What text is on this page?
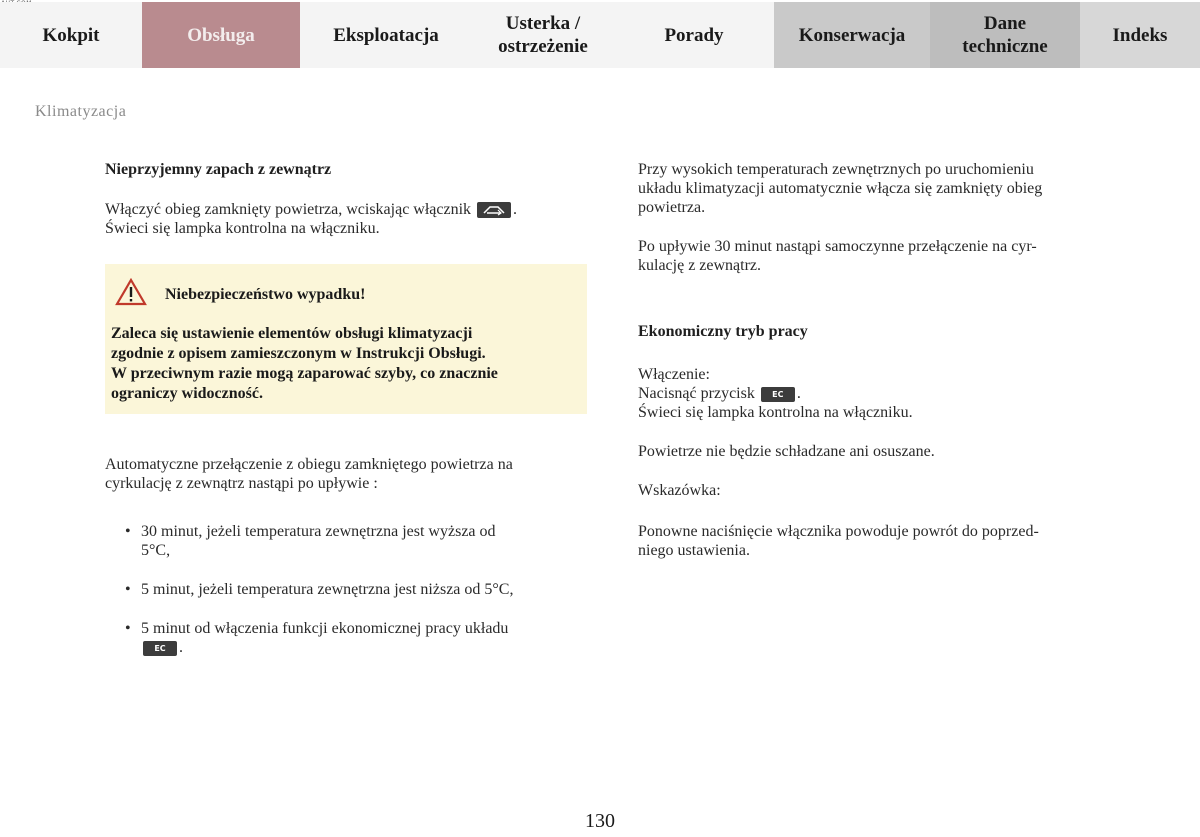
Kokpit	Obsługa	Eksploatacja
Usterka /
ostrzeżenie
Porady	Konserwacja
Dane
techniczne
Indeks
Klimatyzacja

Nieprzyjemny zapach z zewnątrz

Włączyć obieg zamknięty powietrza, wciskając włącznik	.
Świeci się lampka kontrolna na włączniku.

Niebezpieczeństwo wypadku!
Zaleca się ustawienie elementów obsługi klimatyzacji
zgodnie z opisem zamieszczonym w Instrukcji Obsługi.
W przeciwnym razie mogą zaparować szyby, co znacznie
ograniczy widoczność.

Automatyczne przełączenie z obiegu zamkniętego powietrza na
cyrkulację z zewnątrz nastąpi po upływie :

• 30 minut, jeżeli temperatura zewnętrzna jest wyższa od
5°C,
• 5 minut, jeżeli temperatura zewnętrzna jest niższa od 5°C,
• 5 minut od włączenia funkcji ekonomicznej pracy układu
EC .

Przy wysokich temperaturach zewnętrznych po uruchomieniu
układu klimatyzacji automatycznie włącza się zamknięty obieg
powietrza.

Po upływie 30 minut nastąpi samoczynne przełączenie na cyr-
kulację z zewnątrz.

Ekonomiczny tryb pracy

Włączenie:
Nacisnąć przycisk EC .
Świeci się lampka kontrolna na włączniku.

Powietrze nie będzie schładzane ani osuszane.

Wskazówka:

Ponowne naciśnięcie włącznika powoduje powrót do poprzed-
niego ustawienia.

130
